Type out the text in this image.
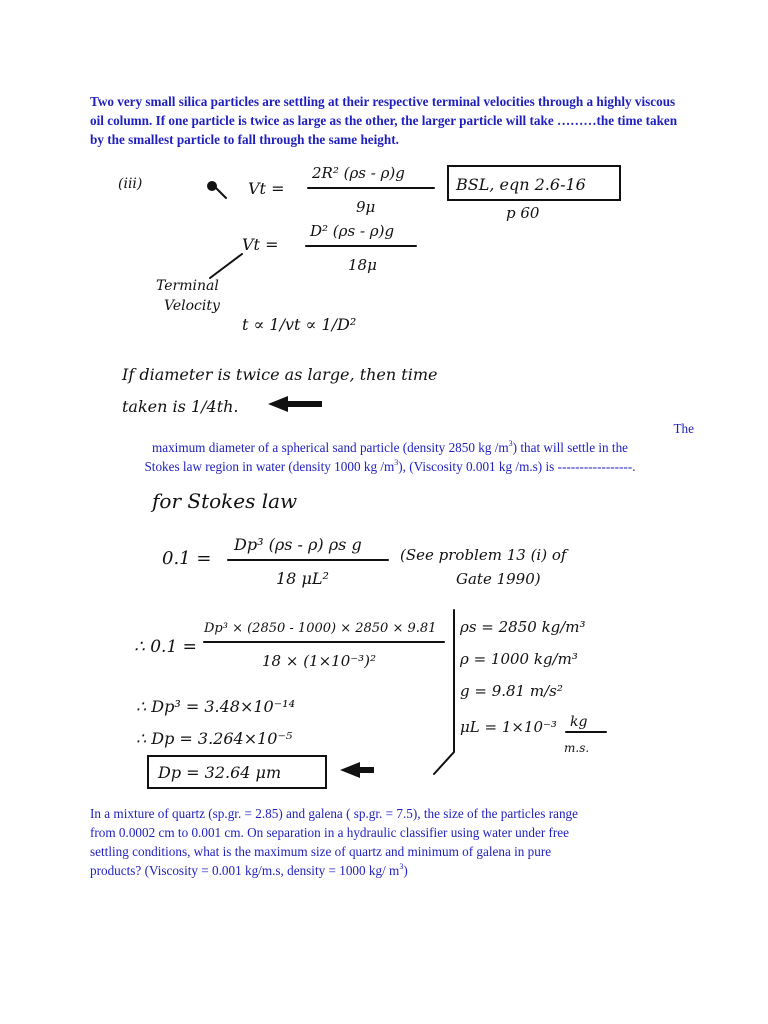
Two very small silica particles are settling at their respective terminal velocities through a highly viscous oil column. If one particle is twice as large as the other, the larger particle will take ………the time taken by the smallest particle to fall through the same height.

(iii)	Vt =
2R² (ρs - ρ)g
9μ
BSL, eqn 2.6-16
p 60
Vt =
D² (ρs - ρ)g
18μ
Terminal
Velocity
t ∝ 1/vt ∝ 1/D²
If diameter is twice as large, then time
taken is 1/4th.
The

maximum diameter of a spherical sand particle (density 2850 kg $/m^3$) that will settle in the

Stokes law region in water (density 1000 kg $/m^3$), (Viscosity 0.001 kg /m.s) is -----------------.

for Stokes law
0.1 =
Dp³ (ρs - ρ) ρs g
18 μL²
(See problem 13 (i) of
Gate 1990)
∴ 0.1 =
Dp³ × (2850 - 1000) × 2850 × 9.81
18 × (1×10⁻³)²
ρs = 2850 kg/m³
ρ = 1000 kg/m³
g = 9.81 m/s²
μL = 1×10⁻³ kg
m.s.
∴ Dp³ = 3.48×10⁻¹⁴
∴ Dp = 3.264×10⁻⁵
Dp = 32.64 μm

In a mixture of quartz (sp.gr. = 2.85) and galena ( sp.gr. = 7.5), the size of the particles range

from 0.0002 cm to 0.001 cm. On separation in a hydraulic classifier using water under free

settling conditions, what is the maximum size of quartz and minimum of galena in pure

products? (Viscosity = 0.001 kg/m.s, density = 1000 kg/ $m^3$)
